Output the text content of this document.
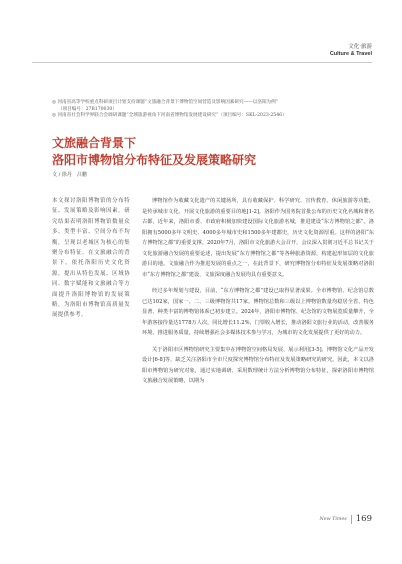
文化·旅游
Culture & Travel
◎ 河南省高等学校重点科研项目计划支持课题“文旅融合背景下博物馆空间营造及影响因素研究——以洛阳为例”
（项目编号：27B170030）
◎ 河南省社会科学界联合会调研课题“全域旅游视角下河南省博物馆发展建设研究”（项目编号：SKL-2023-2546）
文旅融合背景下
洛阳市博物馆分布特征及发展策略研究
文 / 徐丹　吕鹏
本文探讨洛阳博物馆的分布特征、发展策略及影响因素。研究结果表明洛阳博物馆数量众多、类型丰富、空间分布不均衡，呈现以老城区为核心的集聚分布特征。在文旅融合的背景下，依托洛阳历史文化资源，提出从特色发展、区域协同、数字赋能和文旅融合等方面提升洛阳博物馆的发展策略，为洛阳市博物馆高质量发展提供参考。

博物馆作为收藏文化遗产的关键场所，具有收藏保护、科学研究、宣传教育、休闲旅游等功能，是传承城市文化、开展文化旅游的重要目的地[1-2]。洛阳作为国务院首批公布的历史文化名城和著名古都，近年来，洛阳市委、市政府积极加快建设国际文化旅游名城，推进建设“东方博物馆之都”。洛阳拥有5000多年文明史、4000多年城市史和1500多年建都史，历史文化资源厚重。这样的洛阳“东方博物馆之都”的重要支撑。2020年7月，洛阳市文化旅游大会召开，会议深入贯彻习近平总书记关于文化旅游融合发展的重要论述，提出发展“东方博物馆之都”等各种旅游资源，构建起形如层的文化旅游目的地。文旅融合作为推进发展的重点之一，在此背景下，研究博物馆分布特征及发展策略对洛阳市“东方博物馆之都”建设、文旅深度融合发展均具有重要意义。

经过多年规划与建设，目前，“东方博物馆之都”建设已取得显著成果。全市博物馆、纪念馆总数已达102家，国家一、二、三级博物馆共17家。博物馆总数和三级以上博物馆数量均稳居全省，特色显著、种类丰富的博物馆体系已初步建立。2024年，洛阳市博物馆、纪念馆的文物展览质量攀升，全年游客接待量达1778万人次，同比增长11.2%，门票收入增长，推动洛阳文旅行业的活动，改善服务环境，推进服务质量，持续增强社会多媒体技术参与学习，为城市的文化发展提供了更好的动力。

关于洛阳市区博物馆研究主要集中在博物馆空间格局发展、展示利用[3-5]、博物馆文化产品开发设计[6-8]等，缺乏关注洛阳市全市尺度探究博物馆分布特征及发展策略研究的研究。因此，本文以洛阳市博物馆为研究对象，通过实地调研、采用数理统计方法分析博物馆分布特征，探索洛阳市博物馆文旅融合发展策略，以期为

New Times 169
